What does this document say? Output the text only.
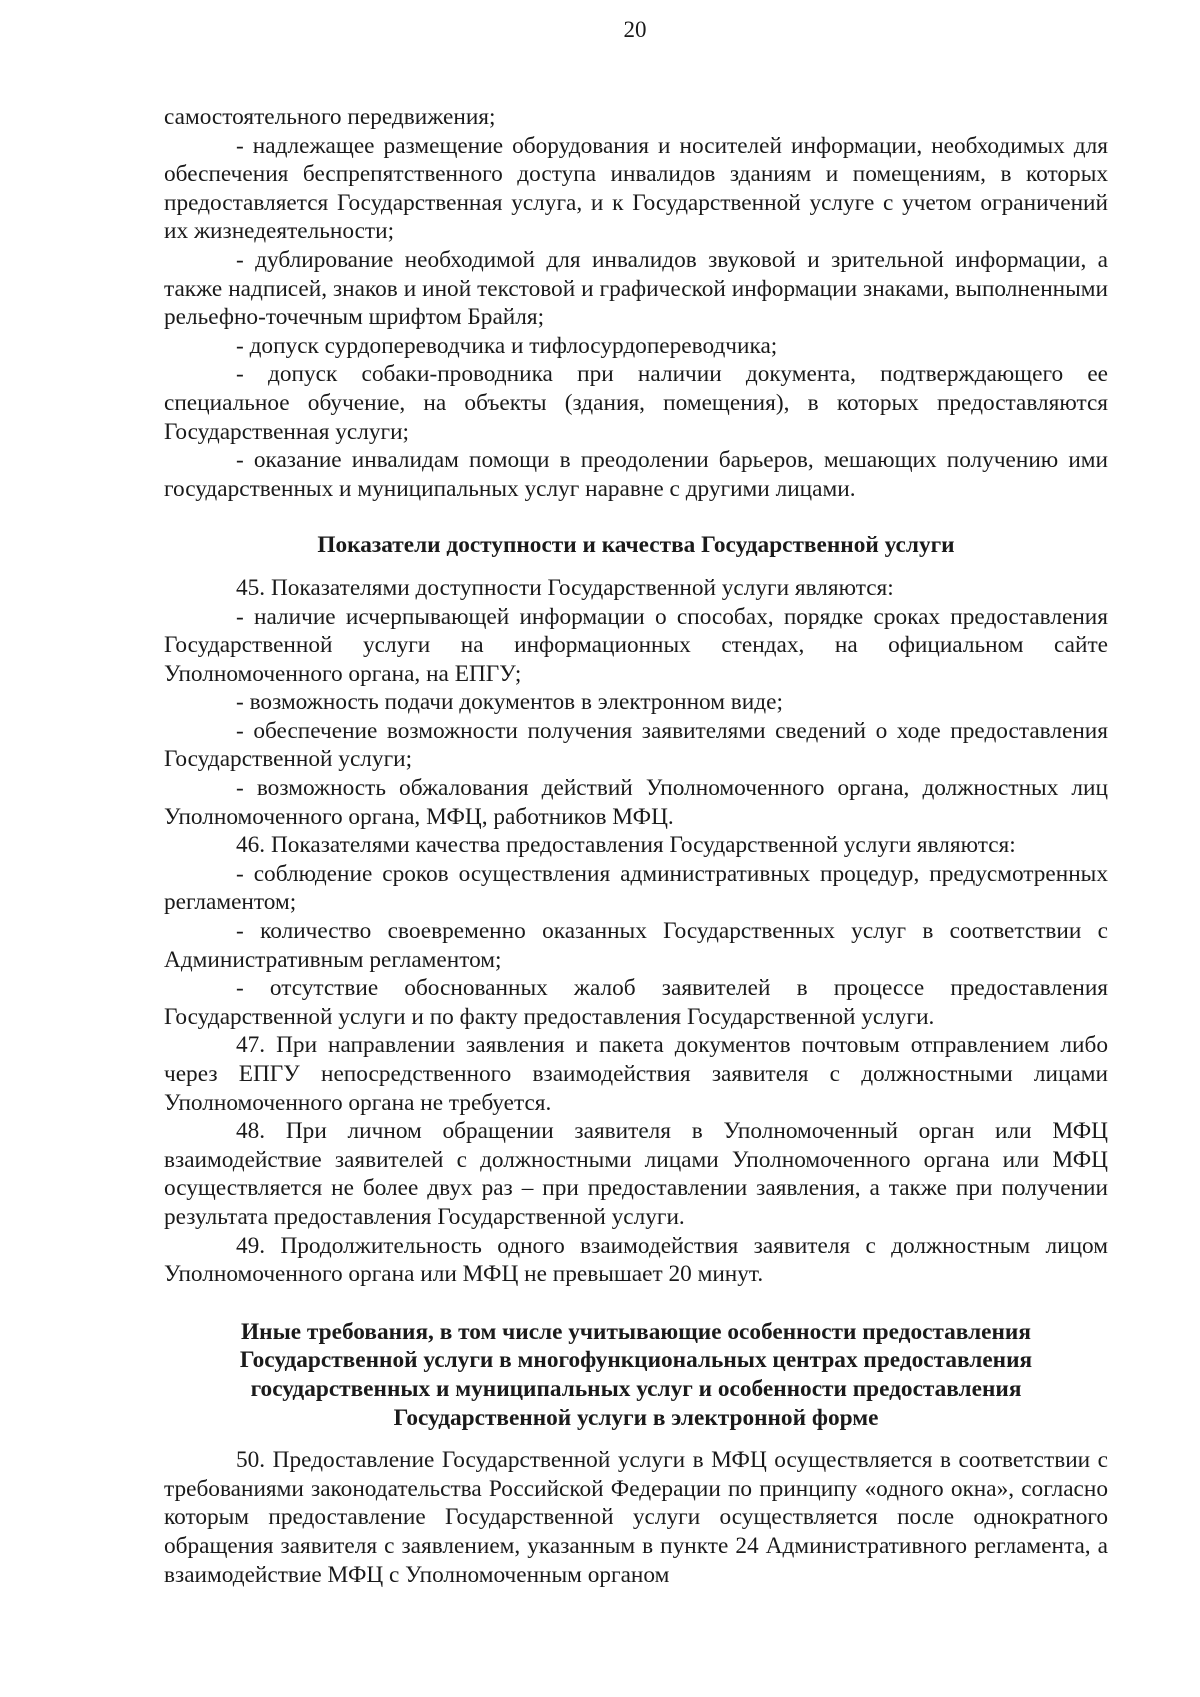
20

самостоятельного передвижения;

- надлежащее размещение оборудования и носителей информации, необходимых для обеспечения беспрепятственного доступа инвалидов зданиям и помещениям, в которых предоставляется Государственная услуга, и к Государственной услуге с учетом ограничений их жизнедеятельности;

- дублирование необходимой для инвалидов звуковой и зрительной информации, а также надписей, знаков и иной текстовой и графической информации знаками, выполненными рельефно-точечным шрифтом Брайля;

- допуск сурдопереводчика и тифлосурдопереводчика;

- допуск собаки-проводника при наличии документа, подтверждающего ее специальное обучение, на объекты (здания, помещения), в которых предоставляются Государственная услуги;

- оказание инвалидам помощи в преодолении барьеров, мешающих получению ими государственных и муниципальных услуг наравне с другими лицами.

Показатели доступности и качества Государственной услуги

45. Показателями доступности Государственной услуги являются:

- наличие исчерпывающей информации о способах, порядке сроках предоставления Государственной услуги на информационных стендах, на официальном сайте Уполномоченного органа, на ЕПГУ;

- возможность подачи документов в электронном виде;

- обеспечение возможности получения заявителями сведений о ходе предоставления Государственной услуги;

- возможность обжалования действий Уполномоченного органа, должностных лиц Уполномоченного органа, МФЦ, работников МФЦ.

46. Показателями качества предоставления Государственной услуги являются:

- соблюдение сроков осуществления административных процедур, предусмотренных регламентом;

- количество своевременно оказанных Государственных услуг в соответствии с Административным регламентом;

- отсутствие обоснованных жалоб заявителей в процессе предоставления Государственной услуги и по факту предоставления Государственной услуги.

47. При направлении заявления и пакета документов почтовым отправлением либо через ЕПГУ непосредственного взаимодействия заявителя с должностными лицами Уполномоченного органа не требуется.

48. При личном обращении заявителя в Уполномоченный орган или МФЦ взаимодействие заявителей с должностными лицами Уполномоченного органа или МФЦ осуществляется не более двух раз – при предоставлении заявления, а также при получении результата предоставления Государственной услуги.

49. Продолжительность одного взаимодействия заявителя с должностным лицом Уполномоченного органа или МФЦ не превышает 20 минут.

Иные требования, в том числе учитывающие особенности предоставления
Государственной услуги в многофункциональных центрах предоставления
государственных и муниципальных услуг и особенности предоставления
Государственной услуги в электронной форме

50. Предоставление Государственной услуги в МФЦ осуществляется в соответствии с требованиями законодательства Российской Федерации по принципу «одного окна», согласно которым предоставление Государственной услуги осуществляется после однократного обращения заявителя с заявлением, указанным в пункте 24 Административного регламента, а взаимодействие МФЦ с Уполномоченным органом
